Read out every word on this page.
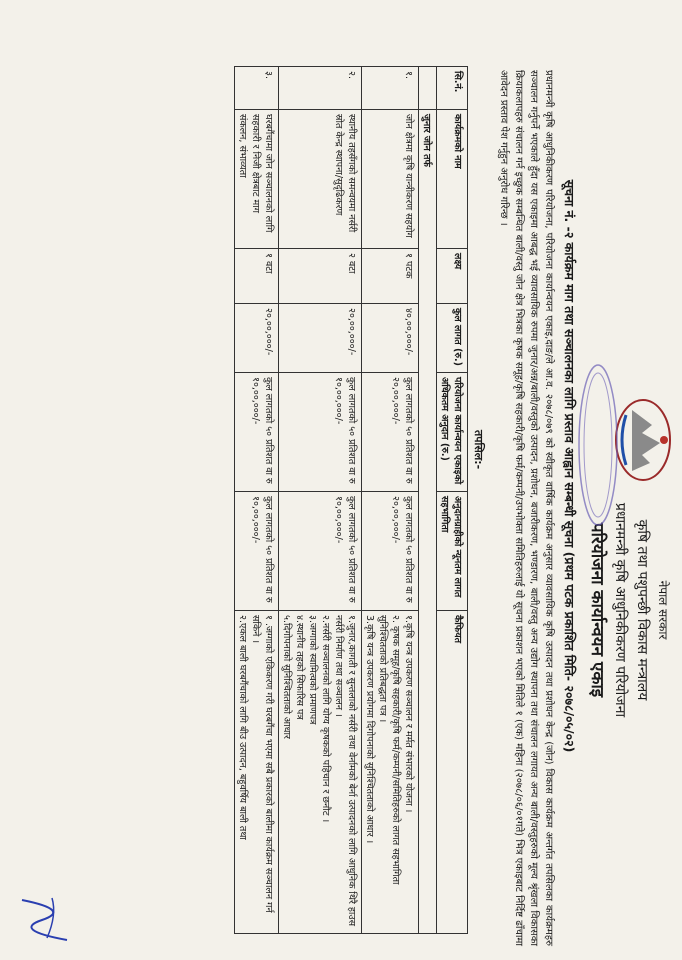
नेपाल सरकार
कृषि तथा पशुपन्छी विकास मन्त्रालय
प्रधानमन्त्री कृषि आधुनिकीकरण परियोजना
परियोजना कार्यान्वयन एकाइ
सूचना नं. -२ कार्यक्रम माग तथा सञ्चालनका लागि प्रस्ताव आह्वान सम्बन्धी सूचना (प्रथम पटक प्रकाशित मिति- २०७८/०५/०२)
प्रधानमन्त्री कृषि आधुनिकीकरण परियोजना, परियोजना कार्यान्वयन एकाइ,दाङ/ले आ.व. २०७८/०७९ को स्वीकृत वार्षिक कार्यक्रम अनुसार व्यावसायिक कृषि उत्पादन तथा प्रशोधन केन्द्र (जोन) विकास कार्यक्रम अन्तर्गत तपसिलका कार्यक्रमहरु सञ्चालन गर्नुपर्ने भएकाले हुँदा यस एकाइमा आबद्ध भई व्यावसायिक रुपमा जुनार/अन्न/बाली/वस्तुको उत्पादन, प्रशोधन, बजारीकरण, भण्डारण, बाली/वस्तु अन्य उद्योग स्थापना तथा संचालन लगायत अन्य बाली/वस्तुहरुको मूल्य श्रृंखला विकासका क्रियाकलापहरु संचालन गर्न इच्छुक सम्बन्धित बाली/वस्तु जोन क्षेत्र भित्रका कृषक समूह/कृषि सहकारी/कृषि फर्म/कम्पनी/उपभोक्ता समितिहरुलाई यो सूचना प्रकाशन भएको मितिले १ (एक) महिना (२०७८/०६/०१गते) भित्र एकाइबाट निर्दिष्ट ढाँचामा आवेदन प्रस्ताव पेश गर्नुहुन अनुरोध गरिन्छ ।
तपसिल:-
सि.नं.	कार्यक्रमको नाम	लक्ष्य	कुल लागत (रु.)	परियोजना कार्यान्वयन एकाइको अधिकतम अनुदान (रु.)	अनुदानग्राहीको न्यूनतम लागत सहभागिता	कैफियत
	जुनार जोन तर्फ					
१.	जोन क्षेत्रमा कृषि यान्त्रीकरण सहयोग	१ पटक	४०,००,०००/-	कुल लागतको ५० प्रतिशत वा रु २०,००,०००/-	कुल लागतको ५० प्रतिशत वा रु २०,००,०००/-	१.कृषि यन्त्र उपकरण सञ्चालन र मर्मत संभारको योजना ।
२. कृषक समूह/कृषि सहकारी/कृषि फर्म/कम्पनी/समितिहरुको लागत सहभागिता सुनिश्चितताको प्रतिबद्धता पत्र ।
3.कृषि यन्त्र उपकरण प्रयोगमा दिगोपनाको सुनिश्चितताको आधार ।

२.	स्थानीय तहसँगको समन्वयमा नर्सरी स्रोत केन्द्र स्थापना/सुदृढिकरण	२ वटा	२०,००,०००/-	कुल लागतको ५० प्रतिशत वा रु १०,००,०००/-	कुल लागतको ५० प्रतिशत वा रु १०,००,०००/-	१.जुनार,कागती र सुन्तलाको नर्सरी तथा वेर्नामको बेर्ना उत्पादनको लागि आधुनिक थिरै हाउस नर्सरी निर्माण तथा सञ्चालन ।
२.नर्सरी सञ्चालनको लागि योग्य कृषकको पहिचान र छनौट ।
३.जग्गाको स्वामित्वको प्रमाणपत्र
४.स्थानीय तहको सिफारिस पत्र
५.दिगोपनाको सुनिश्चितताको आधार

३.	घरबगैंचामा जोन सञ्चालनको लागि सहकारी र निजी क्षेत्रबाट माग संकलन, संभाव्यता	१ वटा	२०,००,०००/-	कुल लागतको ५० प्रतिशत वा रु १०,००,०००/-	कुल लागतको ५० प्रतिशत वा रु १०,००,०००/-	१ .जग्गाको एकिकरण गरी घरबगैंचा भएमा सबै प्रकारको बालीमा कार्यक्रम सञ्चालन गर्न सकिने ।
२.एकल बाली घरबगैंचाको लागि बीउ उत्पादन, बहुवर्षिय बाली तथा
